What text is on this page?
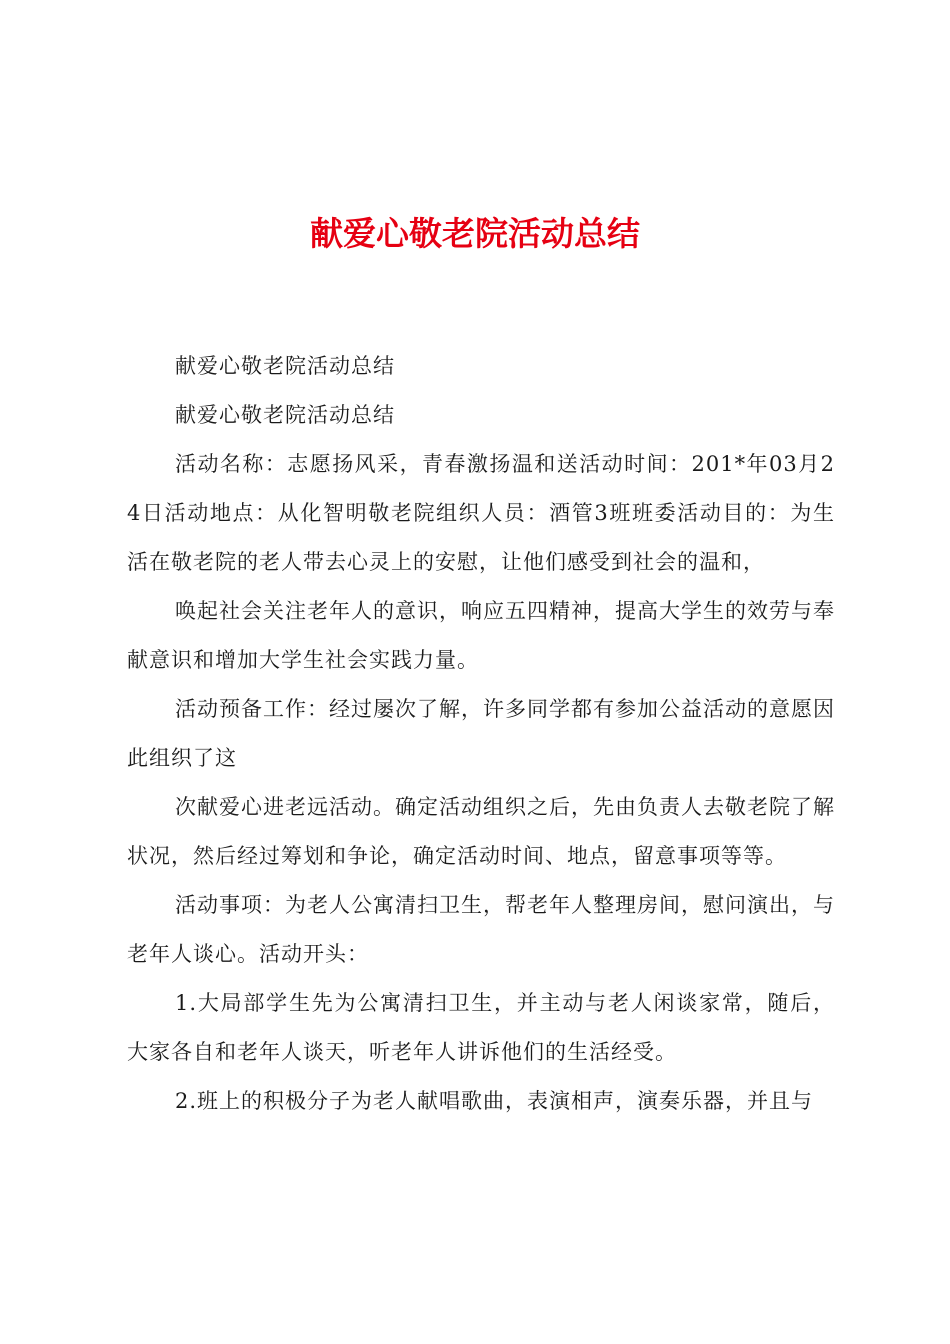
献爱心敬老院活动总结

献爱心敬老院活动总结

献爱心敬老院活动总结

活动名称：志愿扬风采，青春激扬温和送活动时间：201*年03月24日活动地点：从化智明敬老院组织人员：酒管3班班委活动目的：为生活在敬老院的老人带去心灵上的安慰，让他们感受到社会的温和，

唤起社会关注老年人的意识，响应五四精神，提高大学生的效劳与奉献意识和增加大学生社会实践力量。

活动预备工作：经过屡次了解，许多同学都有参加公益活动的意愿因此组织了这

次献爱心进老远活动。确定活动组织之后，先由负责人去敬老院了解状况，然后经过筹划和争论，确定活动时间、地点，留意事项等等。

活动事项：为老人公寓清扫卫生，帮老年人整理房间，慰问演出，与老年人谈心。活动开头：

1.大局部学生先为公寓清扫卫生，并主动与老人闲谈家常，随后，大家各自和老年人谈天，听老年人讲诉他们的生活经受。

2.班上的积极分子为老人献唱歌曲，表演相声，演奏乐器，并且与
